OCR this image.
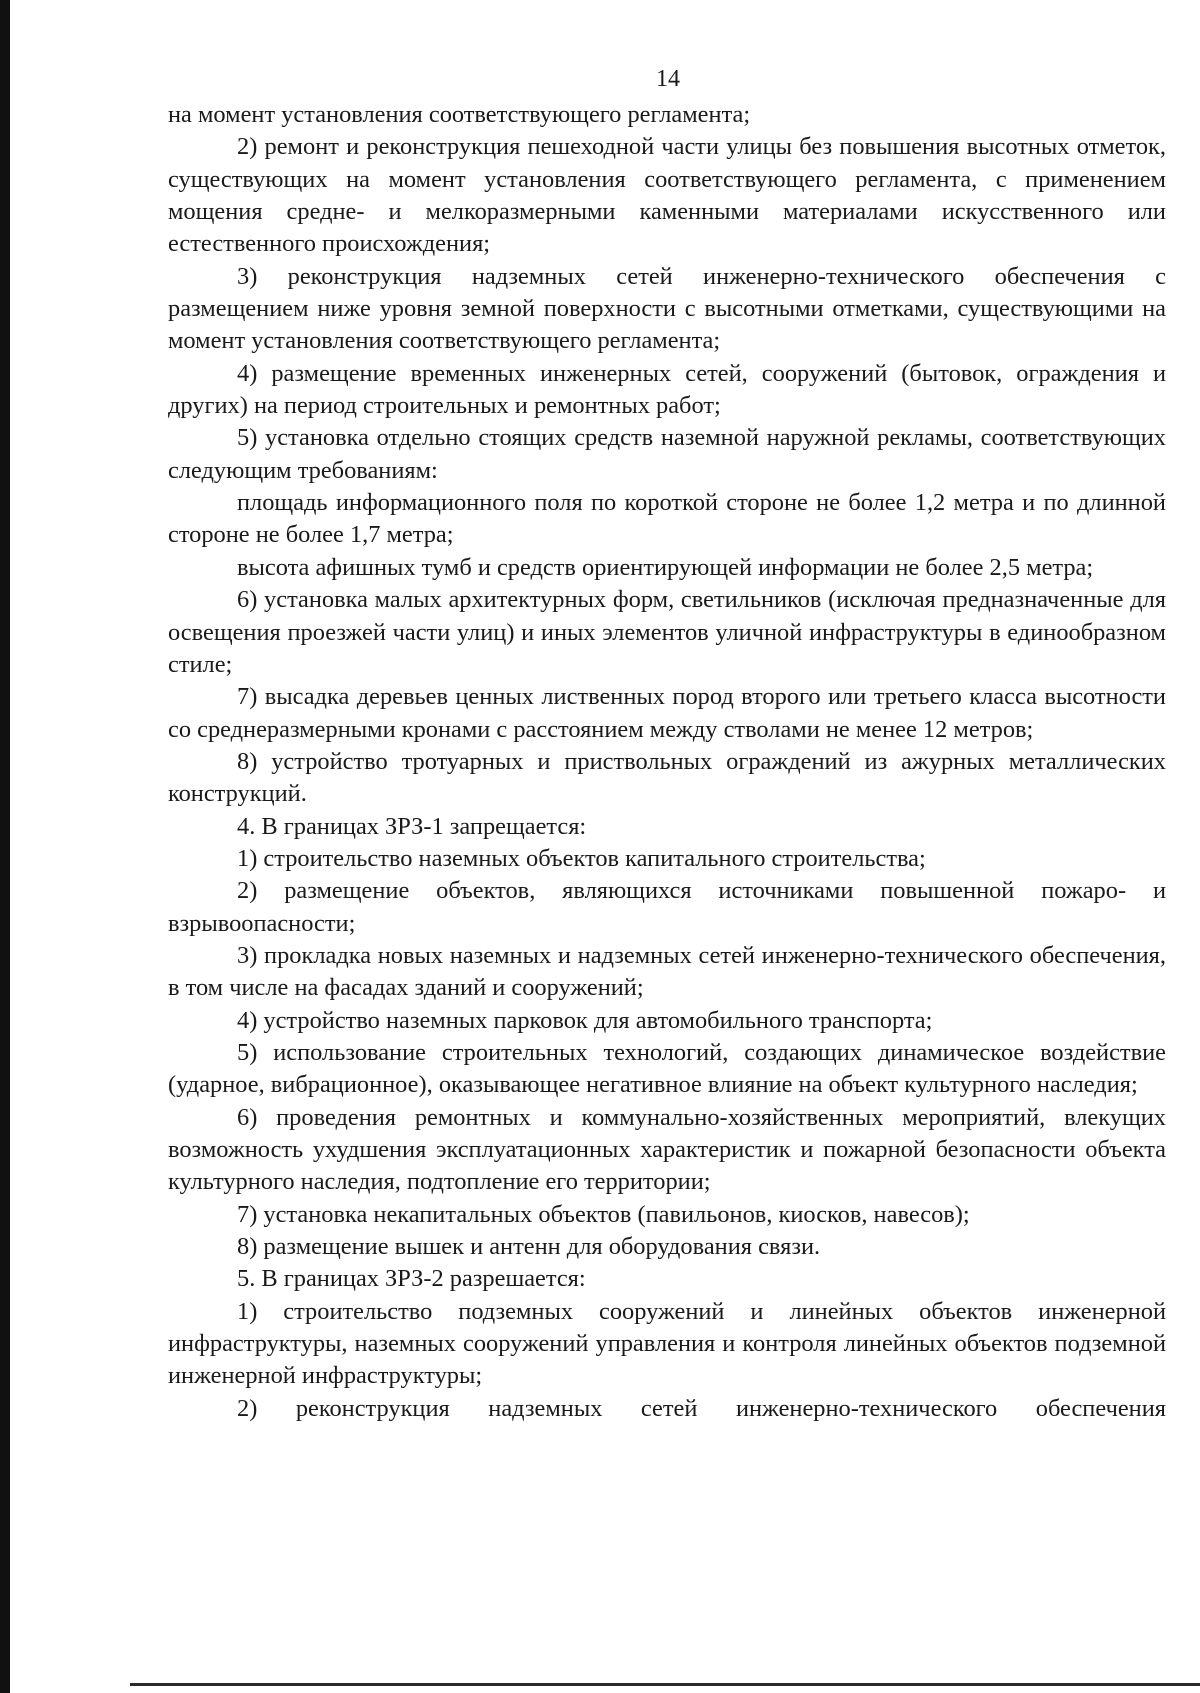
14

на момент установления соответствующего регламента;

2) ремонт и реконструкция пешеходной части улицы без повышения высотных отметок, существующих на момент установления соответствующего регламента, с применением мощения средне- и мелкоразмерными каменными материалами искусственного или естественного происхождения;

3) реконструкция надземных сетей инженерно-технического обеспечения с размещением ниже уровня земной поверхности с высотными отметками, существующими на момент установления соответствующего регламента;

4) размещение временных инженерных сетей, сооружений (бытовок, ограждения и других) на период строительных и ремонтных работ;

5) установка отдельно стоящих средств наземной наружной рекламы, соответствующих следующим требованиям:

площадь информационного поля по короткой стороне не более 1,2 метра и по длинной стороне не более 1,7 метра;

высота афишных тумб и средств ориентирующей информации не более 2,5 метра;

6) установка малых архитектурных форм, светильников (исключая предназначенные для освещения проезжей части улиц) и иных элементов уличной инфраструктуры в единообразном стиле;

7) высадка деревьев ценных лиственных пород второго или третьего класса высотности со среднеразмерными кронами с расстоянием между стволами не менее 12 метров;

8) устройство тротуарных и приствольных ограждений из ажурных металлических конструкций.

4. В границах ЗРЗ-1 запрещается:

1) строительство наземных объектов капитального строительства;

2) размещение объектов, являющихся источниками повышенной пожаро- и взрывоопасности;

3) прокладка новых наземных и надземных сетей инженерно-технического обеспечения, в том числе на фасадах зданий и сооружений;

4) устройство наземных парковок для автомобильного транспорта;

5) использование строительных технологий, создающих динамическое воздействие (ударное, вибрационное), оказывающее негативное влияние на объект культурного наследия;

6) проведения ремонтных и коммунально-хозяйственных мероприятий, влекущих возможность ухудшения эксплуатационных характеристик и пожарной безопасности объекта культурного наследия, подтопление его территории;

7) установка некапитальных объектов (павильонов, киосков, навесов);

8) размещение вышек и антенн для оборудования связи.

5. В границах ЗРЗ-2 разрешается:

1) строительство подземных сооружений и линейных объектов инженерной инфраструктуры, наземных сооружений управления и контроля линейных объектов подземной инженерной инфраструктуры;

2) реконструкция надземных сетей инженерно-технического обеспечения
